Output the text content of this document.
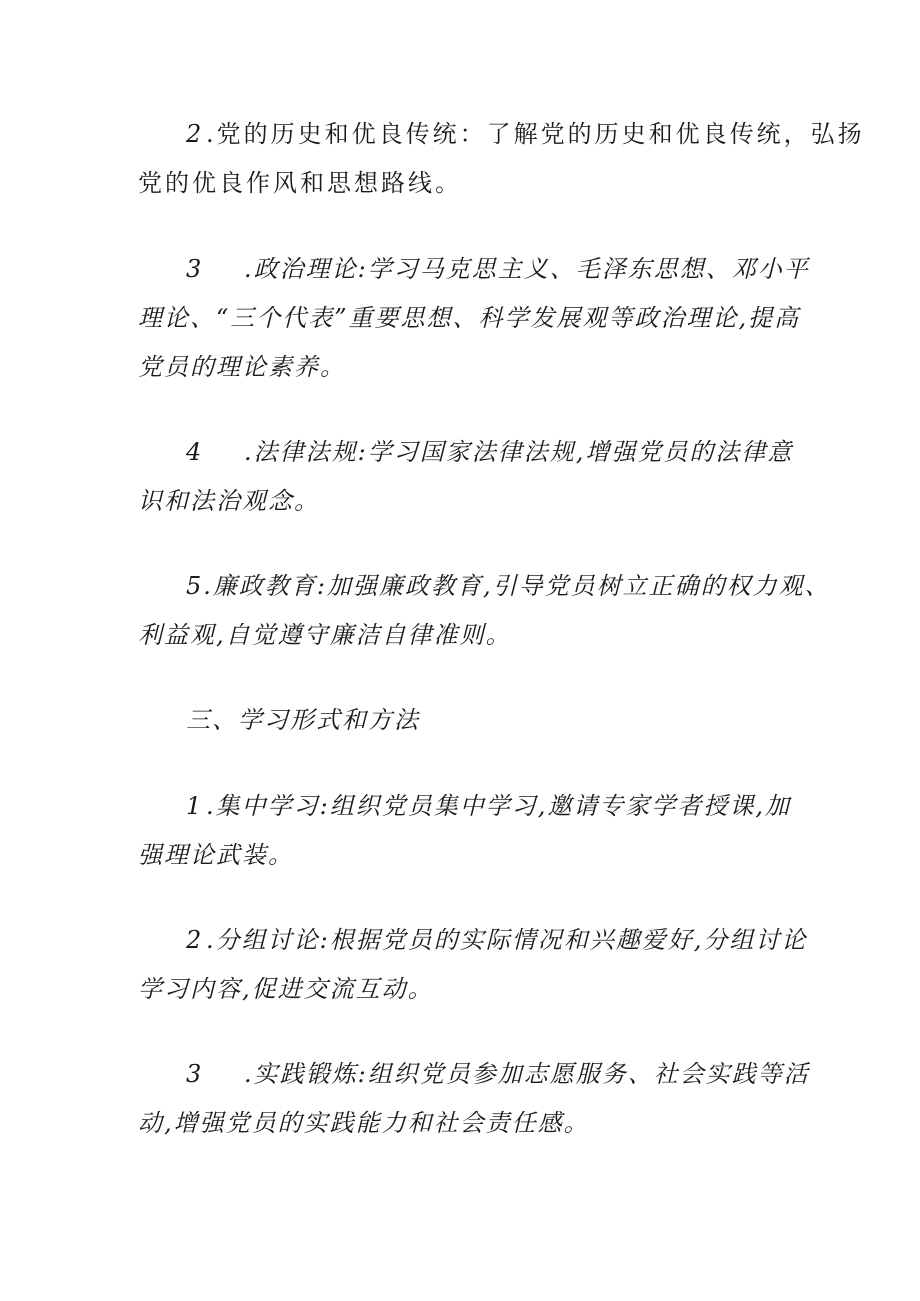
2 .党的历史和优良传统：了解党的历史和优良传统，弘扬
党的优良作风和思想路线。
3 .政治理论:学习马克思主义、毛泽东思想、邓小平
理论、“三个代表”重要思想、科学发展观等政治理论,提高
党员的理论素养。
4 .法律法规:学习国家法律法规,增强党员的法律意
识和法治观念。
5.廉政教育:加强廉政教育,引导党员树立正确的权力观、
利益观,自觉遵守廉洁自律准则。
三、学习形式和方法
1 .集中学习:组织党员集中学习,邀请专家学者授课,加
强理论武装。
2 .分组讨论:根据党员的实际情况和兴趣爱好,分组讨论
学习内容,促进交流互动。
3 .实践锻炼:组织党员参加志愿服务、社会实践等活
动,增强党员的实践能力和社会责任感。
